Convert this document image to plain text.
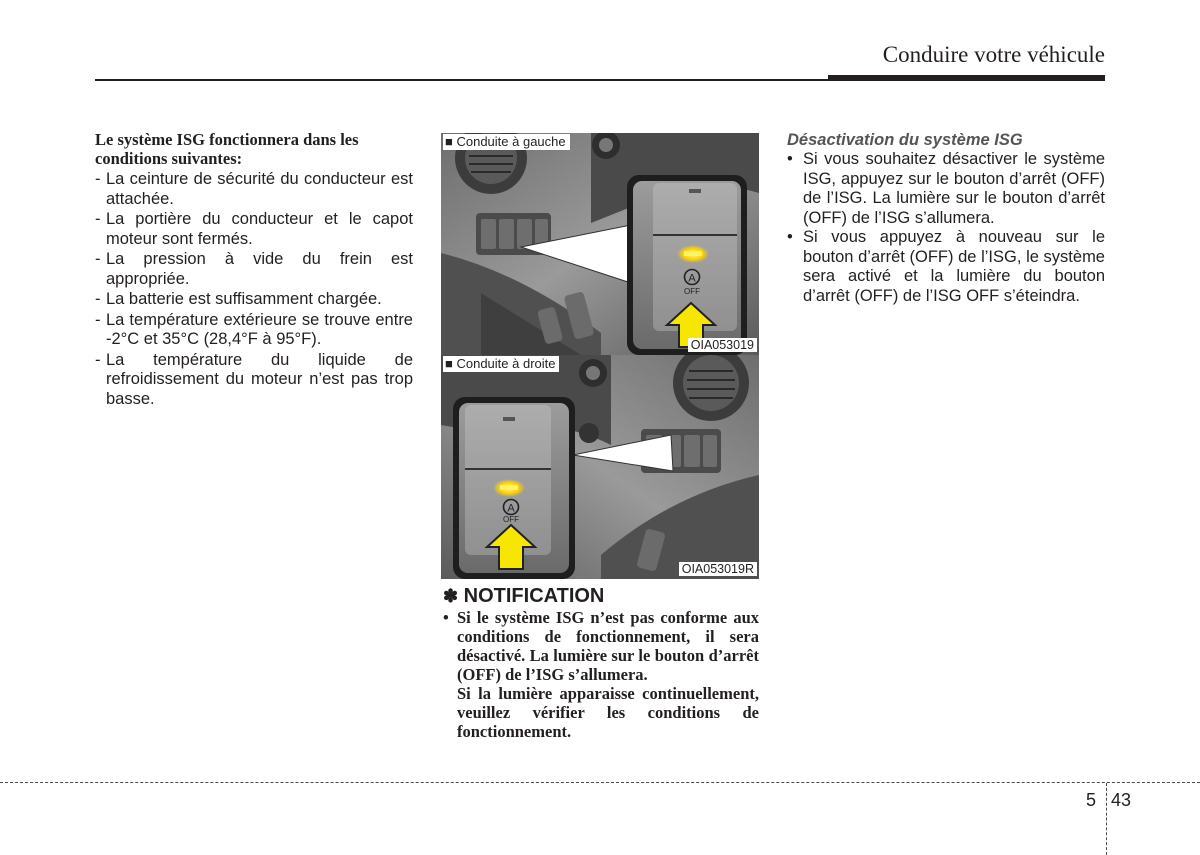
Conduire votre véhicule
Le système ISG fonctionnera dans les conditions suivantes:
- La ceinture de sécurité du conducteur est attachée.
- La portière du conducteur et le capot moteur sont fermés.
- La pression à vide du frein est appropriée.
- La batterie est suffisamment chargée.
- La température extérieure se trouve entre -2°C et 35°C (28,4°F à 95°F).
- La température du liquide de refroidissement du moteur n’est pas trop basse.
A
OFF
■ Conduite à gauche
OIA053019
A
OFF
■ Conduite à droite
OIA053019R
✽ NOTIFICATION
• Si le système ISG n’est pas conforme aux conditions de fonctionnement, il sera désactivé. La lumière sur le bouton d’arrêt (OFF) de l’ISG s’allumera.
Si la lumière apparaisse continuellement, veuillez vérifier les conditions de fonctionnement.
Désactivation du système ISG
• Si vous souhaitez désactiver le système ISG, appuyez sur le bouton d’arrêt (OFF) de l’ISG. La lumière sur le bouton d’arrêt (OFF) de l’ISG s’allumera.
• Si vous appuyez à nouveau sur le bouton d’arrêt (OFF) de l’ISG, le système sera activé et la lumière du bouton d’arrêt (OFF) de l’ISG OFF s’éteindra.
5 43
